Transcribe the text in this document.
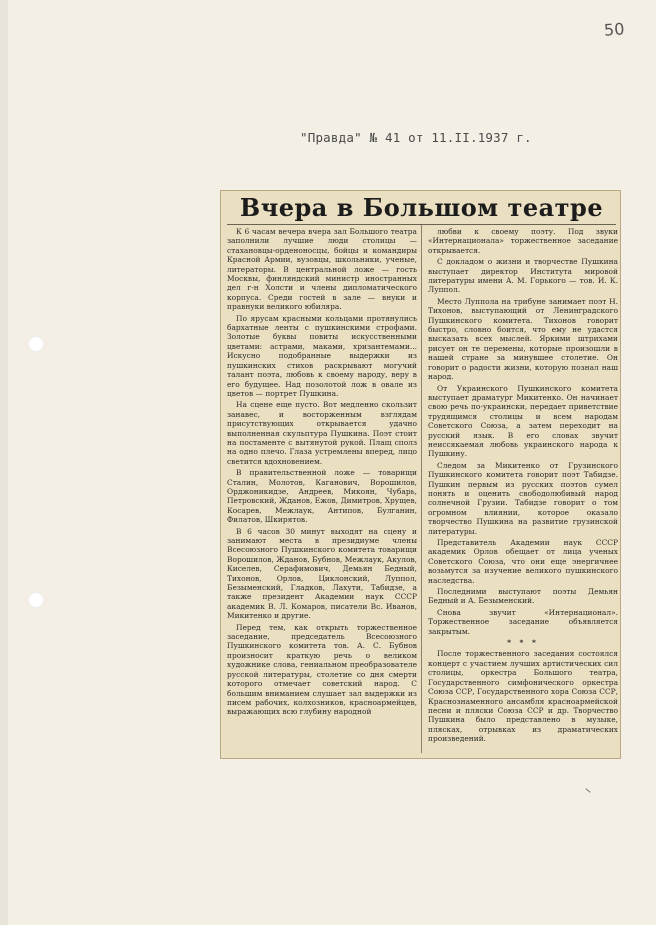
50
"Правда" № 41 от 11.II.1937 г.
Вчера в Большом театре

К 6 часам вечера вчера зал Большого театра заполнили лучшие люди столицы — стахановцы-орденоносцы, бойцы и командиры Красной Армии, вузовцы, школьники, ученые, литераторы. В центральной ложе — гость Москвы, финляндский министр иностранных дел г-н Холсти и члены дипломатического корпуса. Среди гостей в зале — внуки и правнуки великого юбиляра.

По ярусам красными кольцами протянулись бархатные ленты с пушкинскими строфами. Золотые буквы повиты искусственными цветами: астрами, маками, хризантемами... Искусно подобранные выдержки из пушкинских стихов раскрывают могучий талант поэта, любовь к своему народу, веру в его будущее. Над позолотой лож в овале из цветов — портрет Пушкина.

На сцене еще пусто. Вот медленно скользит занавес, и восторженным взглядам присутствующих открывается удачно выполненная скульптура Пушкина. Поэт стоит на постаменте с вытянутой рукой. Плащ сполз на одно плечо. Глаза устремлены вперед, лицо светится вдохновением.

В правительственной ложе — товарищи Сталин, Молотов, Каганович, Ворошилов, Орджоникидзе, Андреев, Микоян, Чубарь, Петровский, Жданов, Ежов, Димитров, Хрущев, Косарев, Межлаук, Антипов, Булганин, Филатов, Шкирятов.

В 6 часов 30 минут выходят на сцену и занимают места в президиуме члены Всесоюзного Пушкинского комитета товарищи Ворошилов, Жданов, Бубнов, Межлаук, Акулов, Киселев, Серафимович, Демьян Бедный, Тихонов, Орлов, Циклонский, Луппол, Безыменский, Гладков, Лахути, Табидзе, а также президент Академии наук СССР академик В. Л. Комаров, писатели Вс. Иванов, Микитенко и другие.

Перед тем, как открыть торжественное заседание, председатель Всесоюзного Пушкинского комитета тов. А. С. Бубнов произносит краткую речь о великом художнике слова, гениальном преобразователе русской литературы, столетие со дня смерти которого отмечает советский народ. С большим вниманием слушает зал выдержки из писем рабочих, колхозников, красноармейцев, выражающих всю глубину народной

любви к своему поэту. Под звуки «Интернационала» торжественное заседание открывается.

С докладом о жизни и творчестве Пушкина выступает директор Института мировой литературы имени А. М. Горького — тов. И. К. Луппол.

Место Луппола на трибуне занимает поэт Н. Тихонов, выступающий от Ленинградского Пушкинского комитета. Тихонов говорит быстро, словно боится, что ему не удастся высказать всех мыслей. Яркими штрихами рисует он те перемены, которые произошли в нашей стране за минувшее столетие. Он говорит о радости жизни, которую познал наш народ.

От Украинского Пушкинского комитета выступает драматург Микитенко. Он начинает свою речь по-украински, передает приветствие трудящимся столицы и всем народам Советского Союза, а затем переходит на русский язык. В его словах звучит неиссякаемая любовь украинского народа к Пушкину.

Следом за Микитенко от Грузинского Пушкинского комитета говорит поэт Табидзе. Пушкин первым из русских поэтов сумел понять и оценить свободолюбивый народ солнечной Грузии. Табидзе говорит о том огромном влиянии, которое оказало творчество Пушкина на развитие грузинской литературы.

Представитель Академии наук СССР академик Орлов обещает от лица ученых Советского Союза, что они еще энергичнее возьмутся за изучение великого пушкинского наследства.

Последними выступают поэты Демьян Бедный и А. Безыменский.

Снова звучит «Интернационал». Торжественное заседание объявляется закрытым.

* * *

После торжественного заседания состоялся концерт с участием лучших артистических сил столицы, оркестра Большого театра, Государственного симфонического оркестра Союза ССР, Государственного хора Союза ССР, Краснознаменного ансамбля красноармейской песни и пляски Союза ССР и др. Творчество Пушкина было представлено в музыке, плясках, отрывках из драматических произведений.
